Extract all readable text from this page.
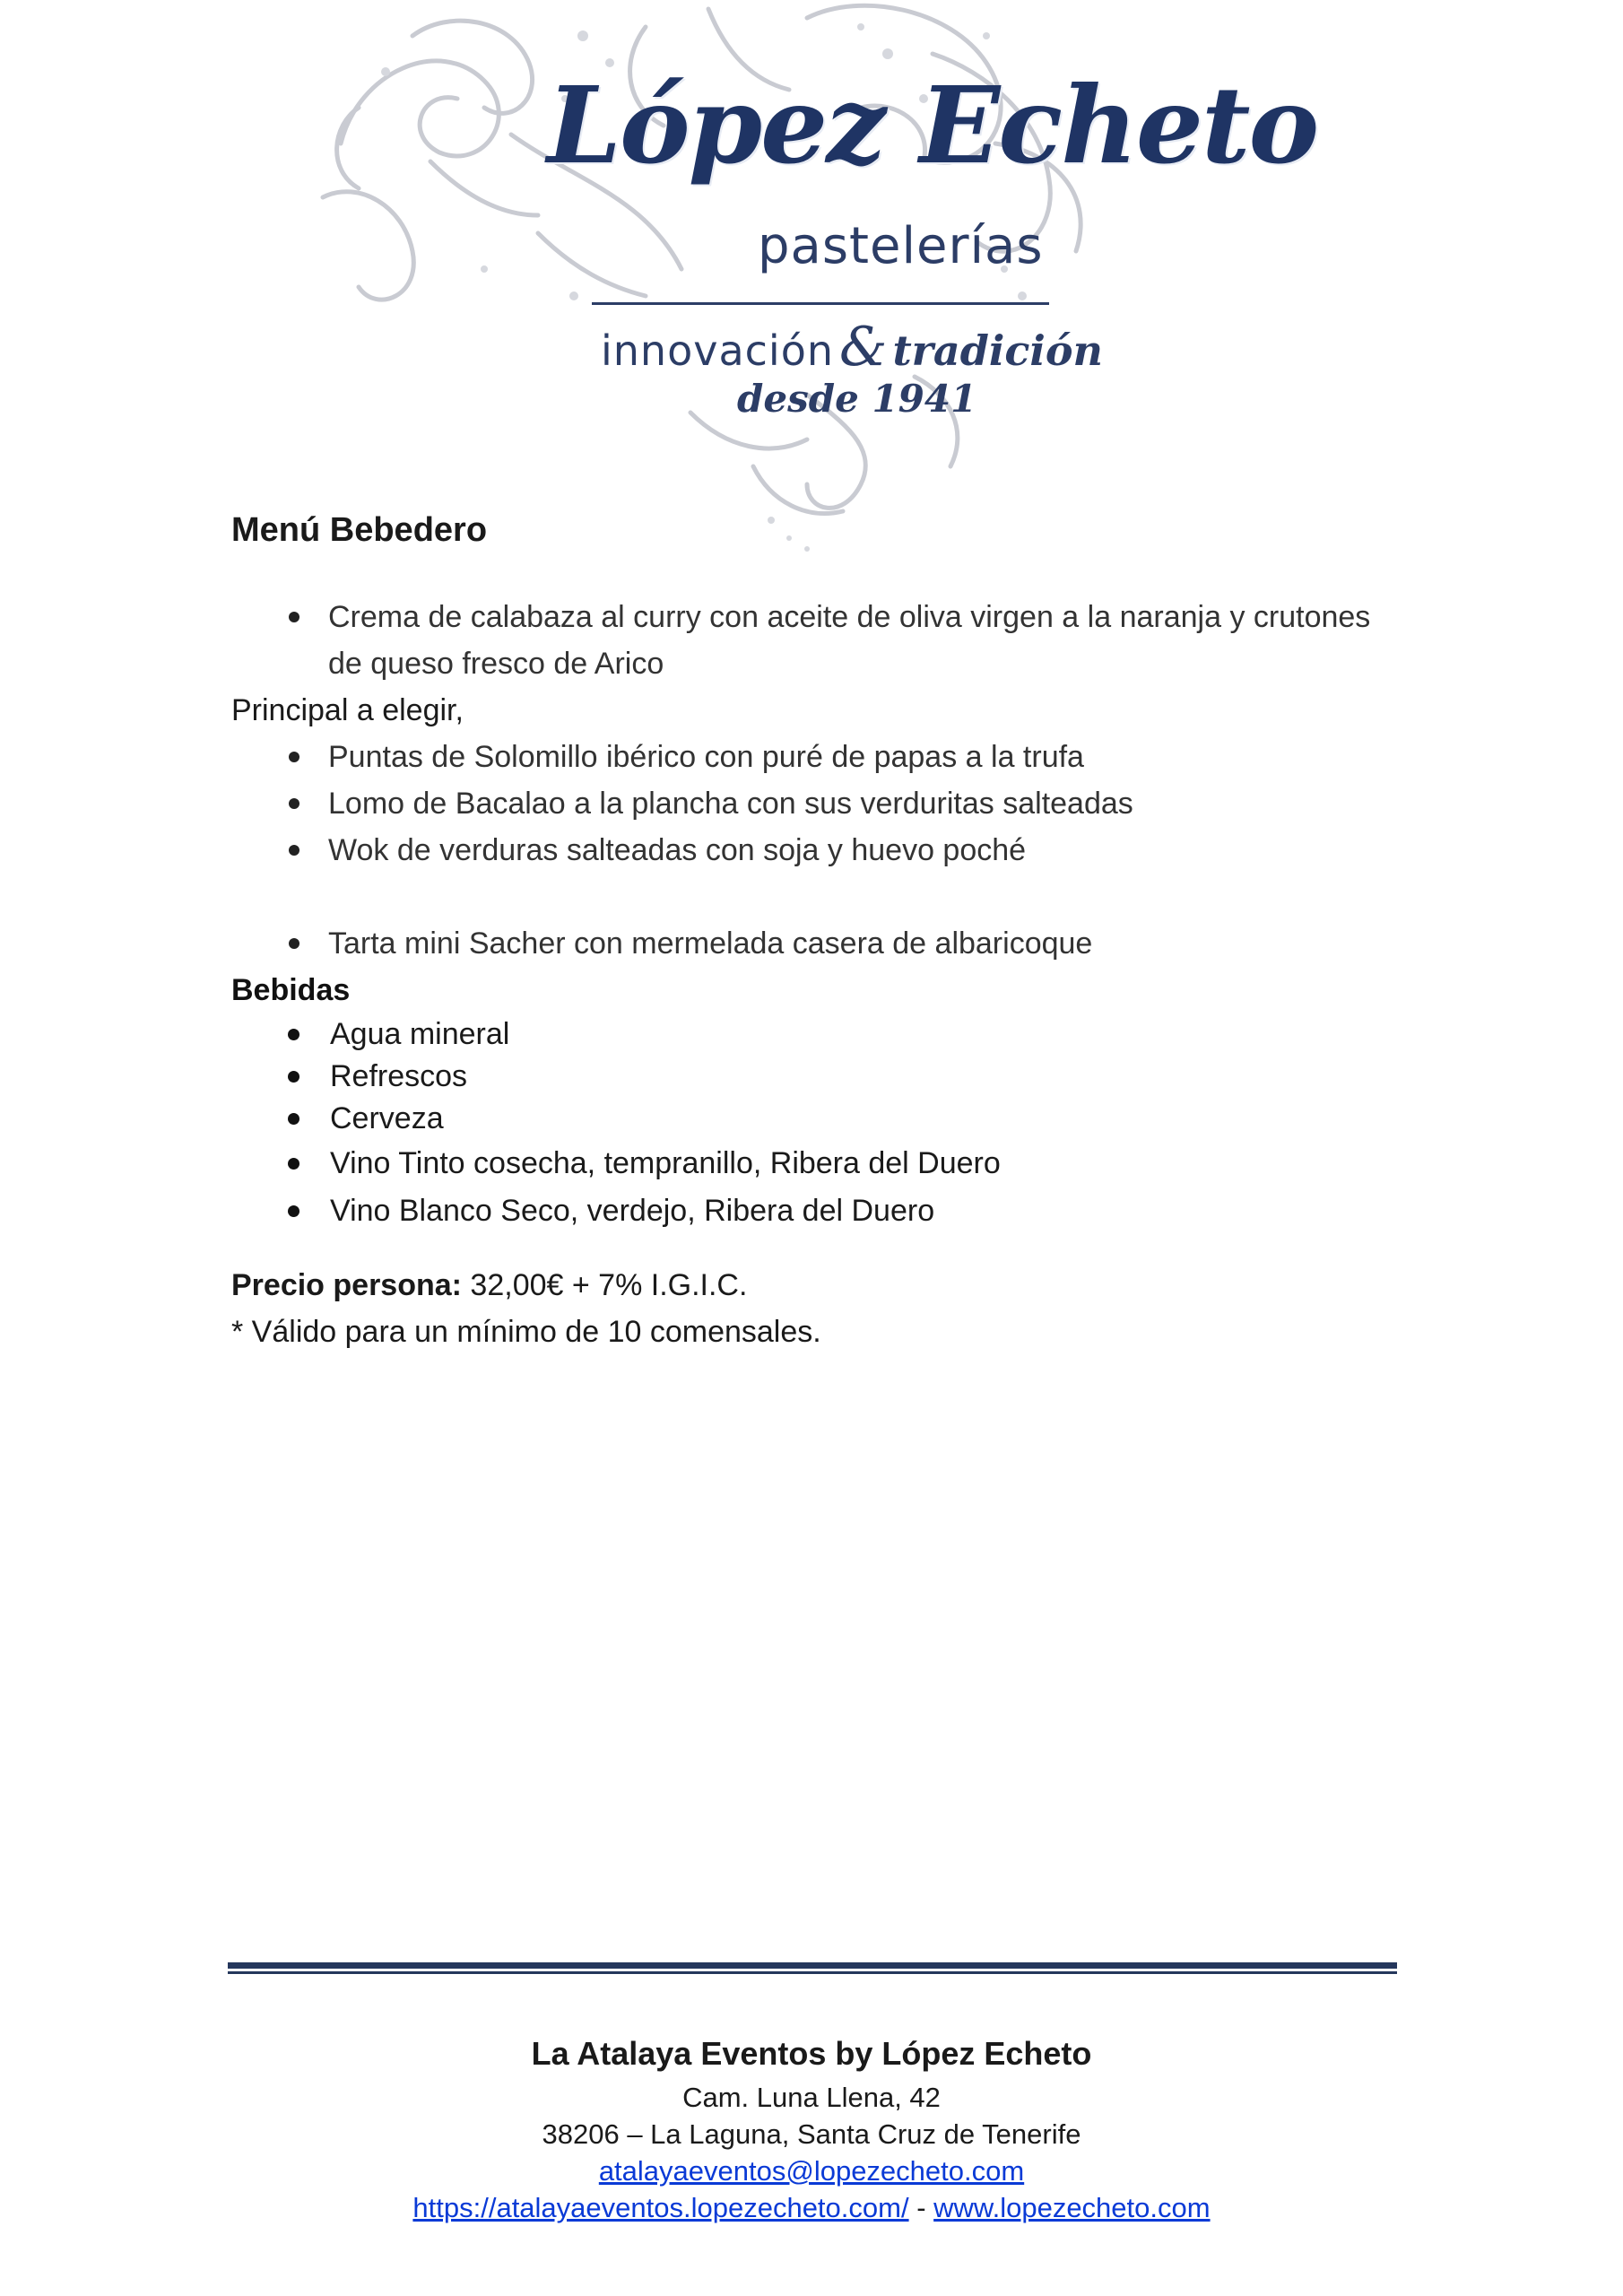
López Echeto
pastelerías
innovación & tradición
desde 1941
Menú Bebedero
Crema de calabaza al curry con aceite de oliva virgen a la naranja y crutones de queso fresco de Arico
Principal a elegir,
Puntas de Solomillo ibérico con puré de papas a la trufa
Lomo de Bacalao a la plancha con sus verduritas salteadas
Wok de verduras salteadas con soja y huevo poché
Tarta mini Sacher con mermelada casera de albaricoque
Bebidas
Agua mineral
Refrescos
Cerveza
Vino Tinto cosecha, tempranillo, Ribera del Duero
Vino Blanco Seco, verdejo, Ribera del Duero
Precio persona: 32,00€ + 7% I.G.I.C.
* Válido para un mínimo de 10 comensales.
La Atalaya Eventos by López Echeto
Cam. Luna Llena, 42
38206 – La Laguna, Santa Cruz de Tenerife
atalayaeventos@lopezecheto.com
https://atalayaeventos.lopezecheto.com/ - www.lopezecheto.com
